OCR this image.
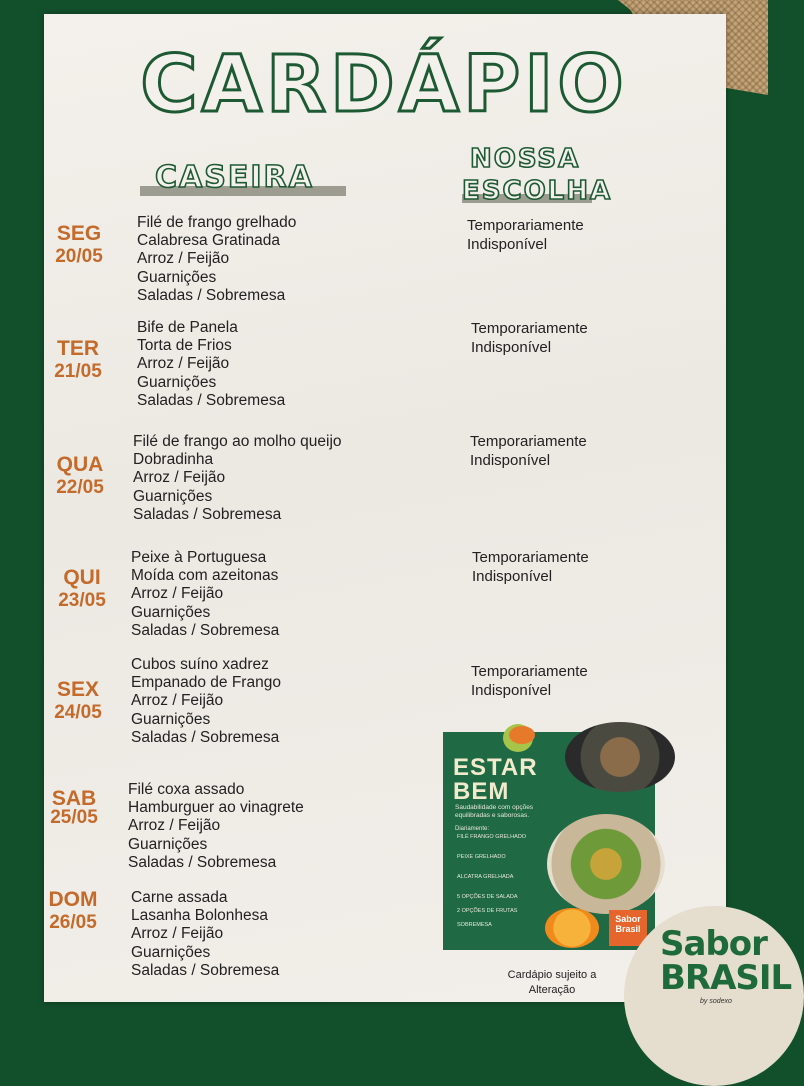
CARDÁPIO
CASEIRA
NOSSA
ESCOLHA
SEG
20/05
Filé de frango grelhado
Calabresa Gratinada
Arroz / Feijão
Guarnições
Saladas / Sobremesa
Temporariamente
Indisponível
TER
21/05
Bife de Panela
Torta de Frios
Arroz / Feijão
Guarnições
Saladas / Sobremesa
Temporariamente
Indisponível
QUA
22/05
Filé de frango ao molho queijo
Dobradinha
Arroz / Feijão
Guarnições
Saladas / Sobremesa
Temporariamente
Indisponível
QUI
23/05
Peixe à Portuguesa
Moída com azeitonas
Arroz / Feijão
Guarnições
Saladas / Sobremesa
Temporariamente
Indisponível
SEX
24/05
Cubos suíno xadrez
Empanado de Frango
Arroz / Feijão
Guarnições
Saladas / Sobremesa
Temporariamente
Indisponível
SAB
25/05
Filé coxa assado
Hamburguer ao vinagrete
Arroz / Feijão
Guarnições
Saladas / Sobremesa
DOM
26/05
Carne assada
Lasanha Bolonhesa
Arroz / Feijão
Guarnições
Saladas / Sobremesa
ESTAR
BEM
Saudabilidade com opções equilibradas e saborosas.
Diariamente:
FILÉ FRANGO GRELHADO
PEIXE GRELHADO
ALCATRA GRELHADA
5 OPÇÕES DE SALADA
2 OPÇÕES DE FRUTAS
SOBREMESA
Sabor Brasil
Cardápio sujeito a
Alteração
Sabor
BRASIL
by sodexo
